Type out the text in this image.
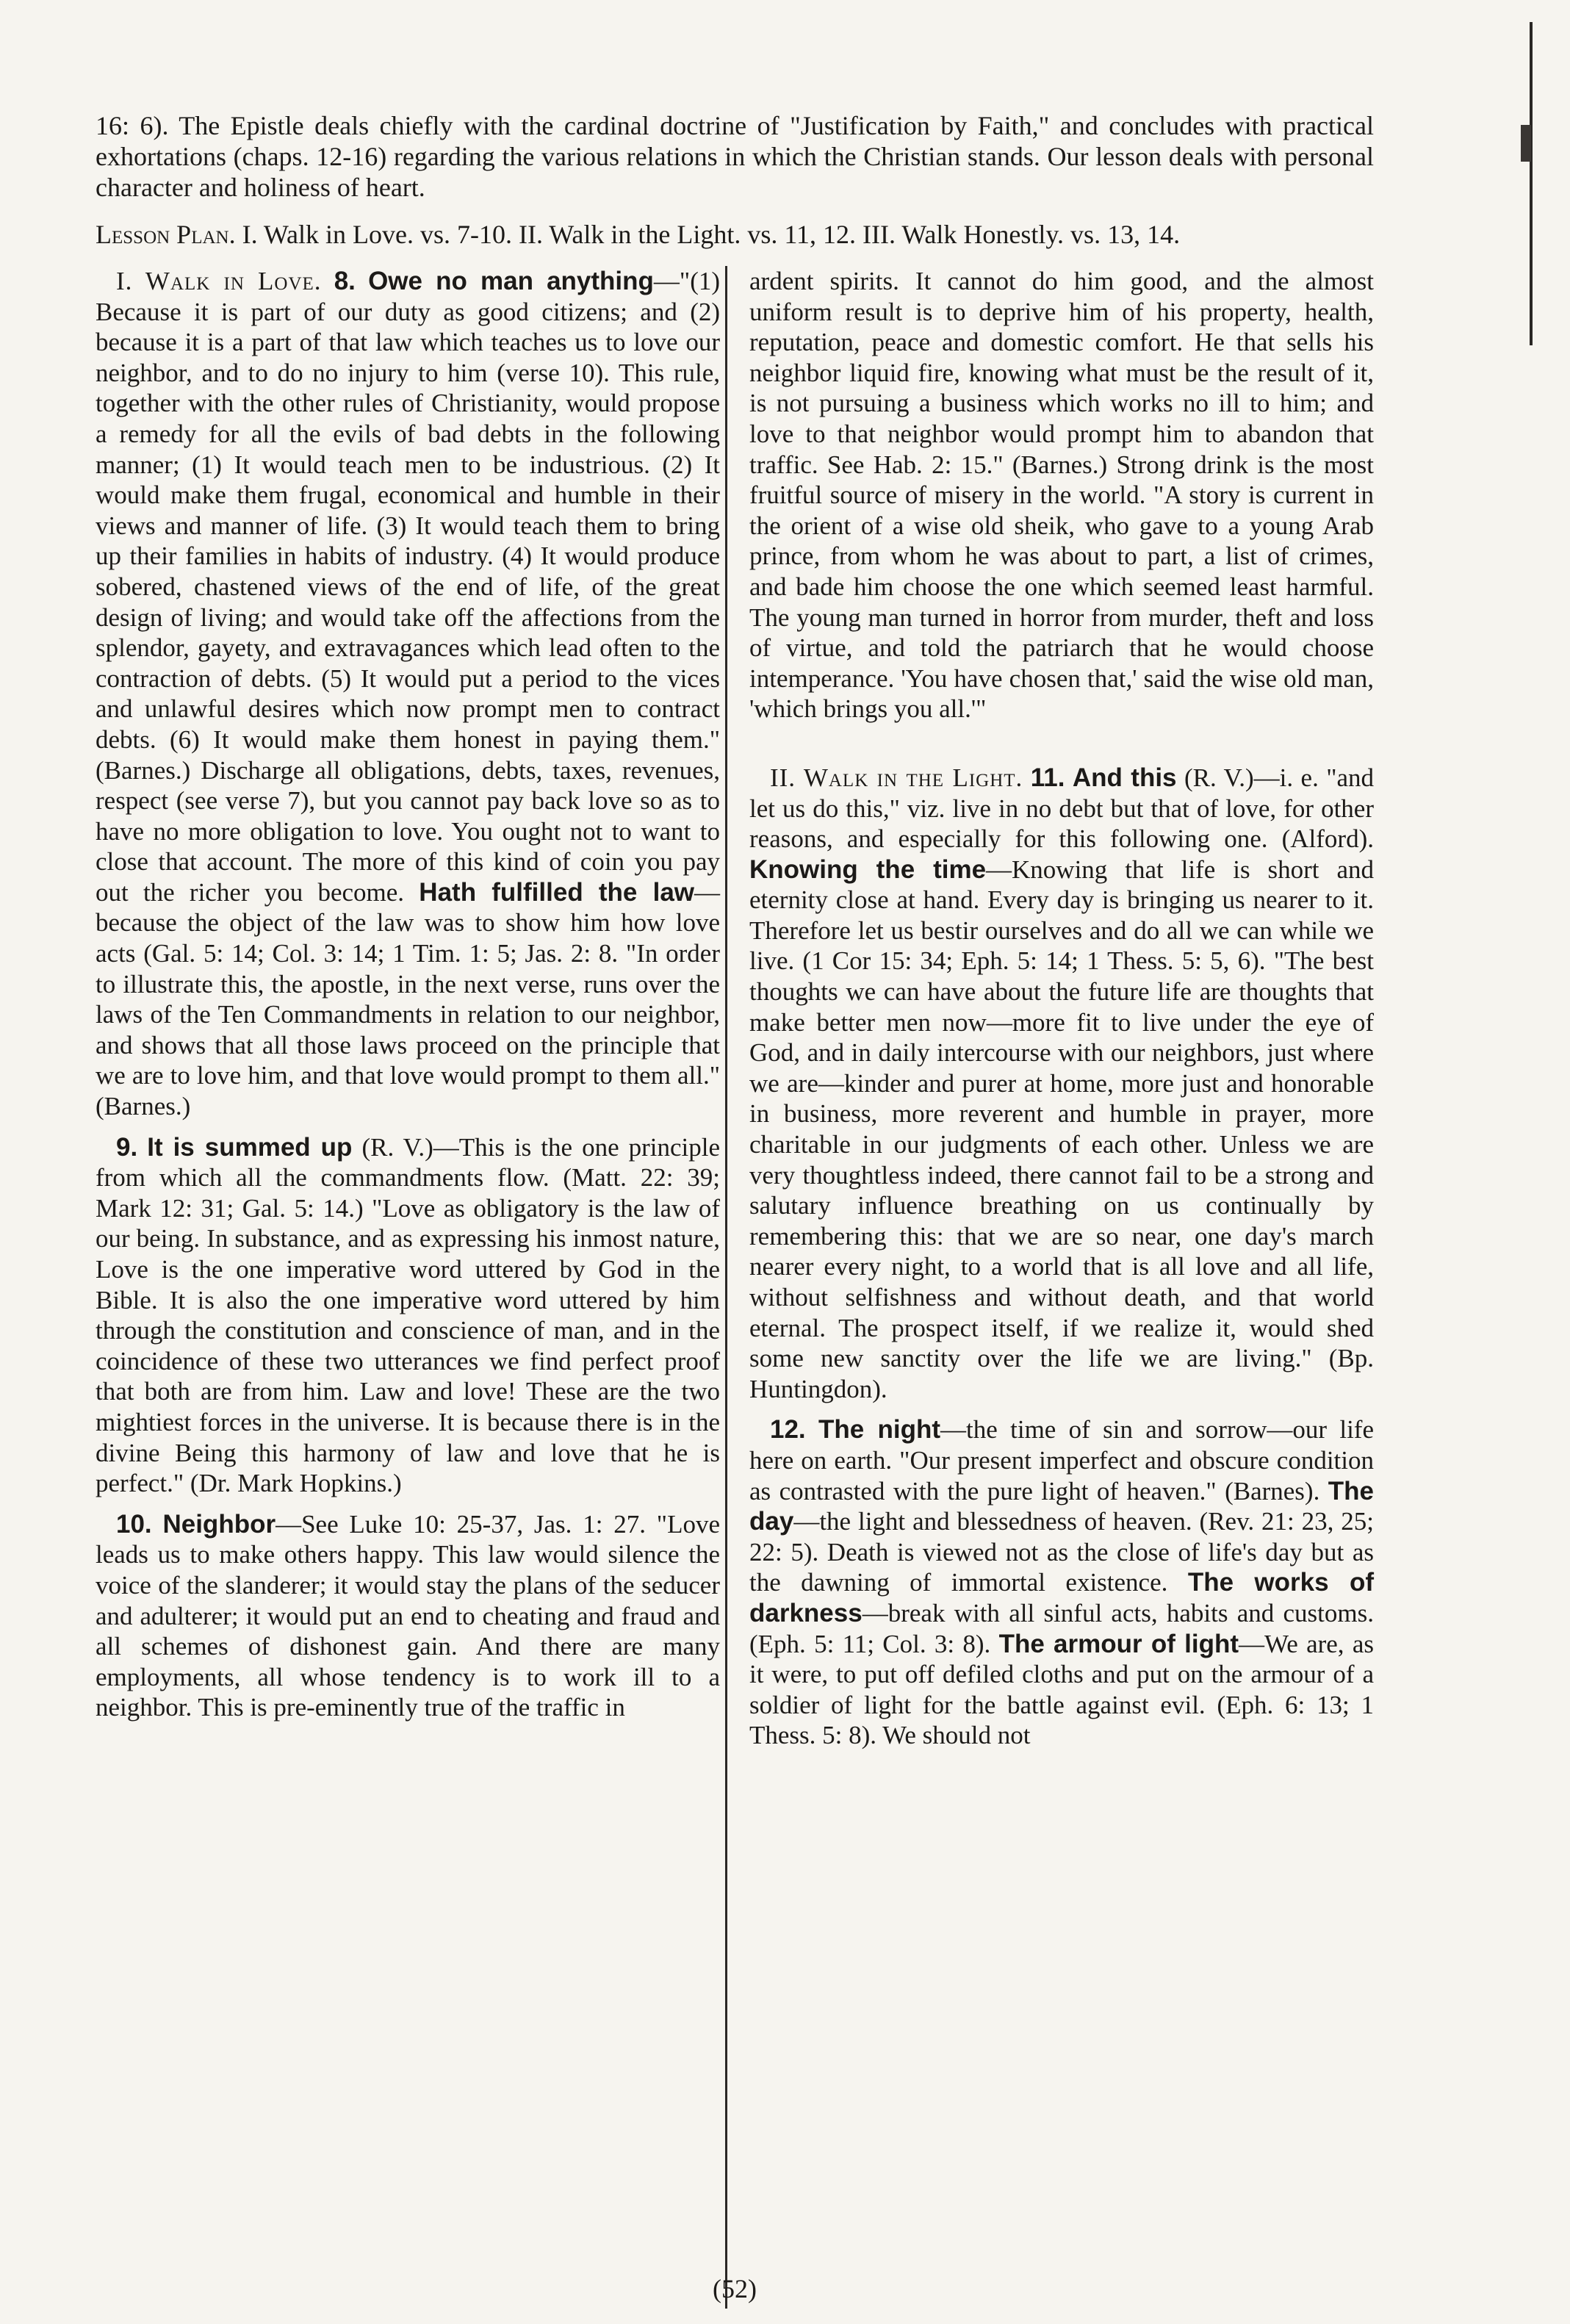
16: 6). The Epistle deals chiefly with the cardinal doctrine of "Justification by Faith," and concludes with practical exhortations (chaps. 12-16) regarding the various relations in which the Christian stands. Our lesson deals with personal character and holiness of heart.

Lesson Plan. I. Walk in Love. vs. 7-10. II. Walk in the Light. vs. 11, 12. III. Walk Honestly. vs. 13, 14.

I. Walk in Love. 8. Owe no man anything—"(1) Because it is part of our duty as good citizens; and (2) because it is a part of that law which teaches us to love our neighbor, and to do no injury to him (verse 10). This rule, together with the other rules of Christianity, would propose a remedy for all the evils of bad debts in the following manner; (1) It would teach men to be industrious. (2) It would make them frugal, economical and humble in their views and manner of life. (3) It would teach them to bring up their families in habits of industry. (4) It would produce sobered, chastened views of the end of life, of the great design of living; and would take off the affections from the splendor, gayety, and extravagances which lead often to the contraction of debts. (5) It would put a period to the vices and unlawful desires which now prompt men to contract debts. (6) It would make them honest in paying them." (Barnes.) Discharge all obligations, debts, taxes, revenues, respect (see verse 7), but you cannot pay back love so as to have no more obligation to love. You ought not to want to close that account. The more of this kind of coin you pay out the richer you become. Hath fulfilled the law—because the object of the law was to show him how love acts (Gal. 5: 14; Col. 3: 14; 1 Tim. 1: 5; Jas. 2: 8. "In order to illustrate this, the apostle, in the next verse, runs over the laws of the Ten Commandments in relation to our neighbor, and shows that all those laws proceed on the principle that we are to love him, and that love would prompt to them all." (Barnes.)

9. It is summed up (R. V.)—This is the one principle from which all the commandments flow. (Matt. 22: 39; Mark 12: 31; Gal. 5: 14.) "Love as obligatory is the law of our being. In substance, and as expressing his inmost nature, Love is the one imperative word uttered by God in the Bible. It is also the one imperative word uttered by him through the constitution and conscience of man, and in the coincidence of these two utterances we find perfect proof that both are from him. Law and love! These are the two mightiest forces in the universe. It is because there is in the divine Being this harmony of law and love that he is perfect." (Dr. Mark Hopkins.)

10. Neighbor—See Luke 10: 25-37, Jas. 1: 27. "Love leads us to make others happy. This law would silence the voice of the slanderer; it would stay the plans of the seducer and adulterer; it would put an end to cheating and fraud and all schemes of dishonest gain. And there are many employments, all whose tendency is to work ill to a neighbor. This is pre-eminently true of the traffic in

ardent spirits. It cannot do him good, and the almost uniform result is to deprive him of his property, health, reputation, peace and domestic comfort. He that sells his neighbor liquid fire, knowing what must be the result of it, is not pursuing a business which works no ill to him; and love to that neighbor would prompt him to abandon that traffic. See Hab. 2: 15." (Barnes.) Strong drink is the most fruitful source of misery in the world. "A story is current in the orient of a wise old sheik, who gave to a young Arab prince, from whom he was about to part, a list of crimes, and bade him choose the one which seemed least harmful. The young man turned in horror from murder, theft and loss of virtue, and told the patriarch that he would choose intemperance. 'You have chosen that,' said the wise old man, 'which brings you all.'"

II. Walk in the Light. 11. And this (R. V.)—i. e. "and let us do this," viz. live in no debt but that of love, for other reasons, and especially for this following one. (Alford). Knowing the time—Knowing that life is short and eternity close at hand. Every day is bringing us nearer to it. Therefore let us bestir ourselves and do all we can while we live. (1 Cor 15: 34; Eph. 5: 14; 1 Thess. 5: 5, 6). "The best thoughts we can have about the future life are thoughts that make better men now—more fit to live under the eye of God, and in daily intercourse with our neighbors, just where we are—kinder and purer at home, more just and honorable in business, more reverent and humble in prayer, more charitable in our judgments of each other. Unless we are very thoughtless indeed, there cannot fail to be a strong and salutary influence breathing on us continually by remembering this: that we are so near, one day's march nearer every night, to a world that is all love and all life, without selfishness and without death, and that world eternal. The prospect itself, if we realize it, would shed some new sanctity over the life we are living." (Bp. Huntingdon).

12. The night—the time of sin and sorrow—our life here on earth. "Our present imperfect and obscure condition as contrasted with the pure light of heaven." (Barnes). The day—the light and blessedness of heaven. (Rev. 21: 23, 25; 22: 5). Death is viewed not as the close of life's day but as the dawning of immortal existence. The works of darkness—break with all sinful acts, habits and customs. (Eph. 5: 11; Col. 3: 8). The armour of light—We are, as it were, to put off defiled cloths and put on the armour of a soldier of light for the battle against evil. (Eph. 6: 13; 1 Thess. 5: 8). We should not

(52)
